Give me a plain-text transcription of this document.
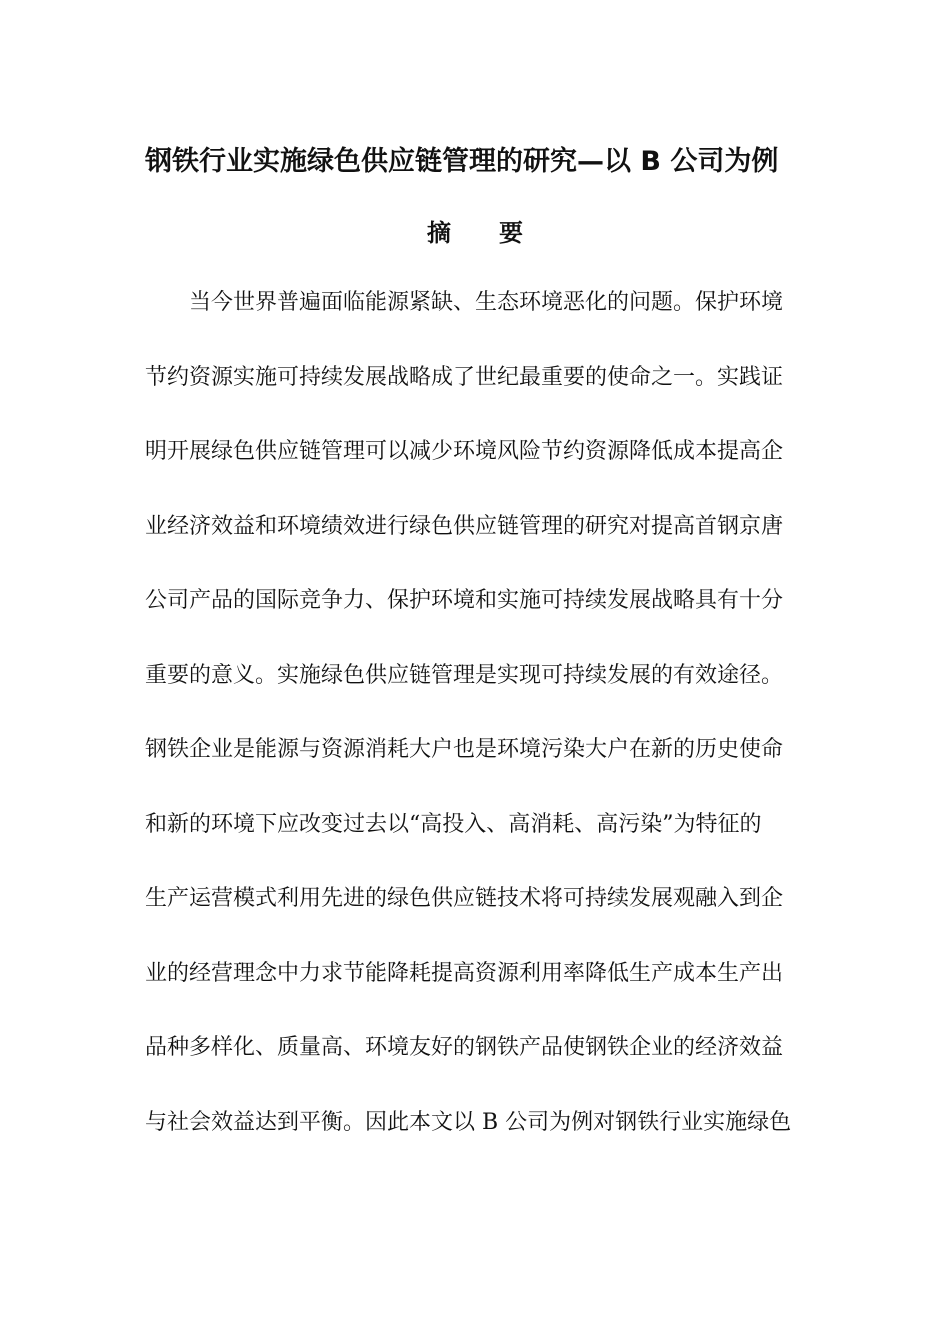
钢铁行业实施绿色供应链管理的研究—以 B 公司为例
摘要
当今世界普遍面临能源紧缺、生态环境恶化的问题。保护环境
节约资源实施可持续发展战略成了世纪最重要的使命之一。实践证
明开展绿色供应链管理可以减少环境风险节约资源降低成本提高企
业经济效益和环境绩效进行绿色供应链管理的研究对提高首钢京唐
公司产品的国际竞争力、保护环境和实施可持续发展战略具有十分
重要的意义。实施绿色供应链管理是实现可持续发展的有效途径。
钢铁企业是能源与资源消耗大户也是环境污染大户在新的历史使命
和新的环境下应改变过去以“高投入、高消耗、高污染”为特征的
生产运营模式利用先进的绿色供应链技术将可持续发展观融入到企
业的经营理念中力求节能降耗提高资源利用率降低生产成本生产出
品种多样化、质量高、环境友好的钢铁产品使钢铁企业的经济效益
与社会效益达到平衡。因此本文以 B 公司为例对钢铁行业实施绿色
